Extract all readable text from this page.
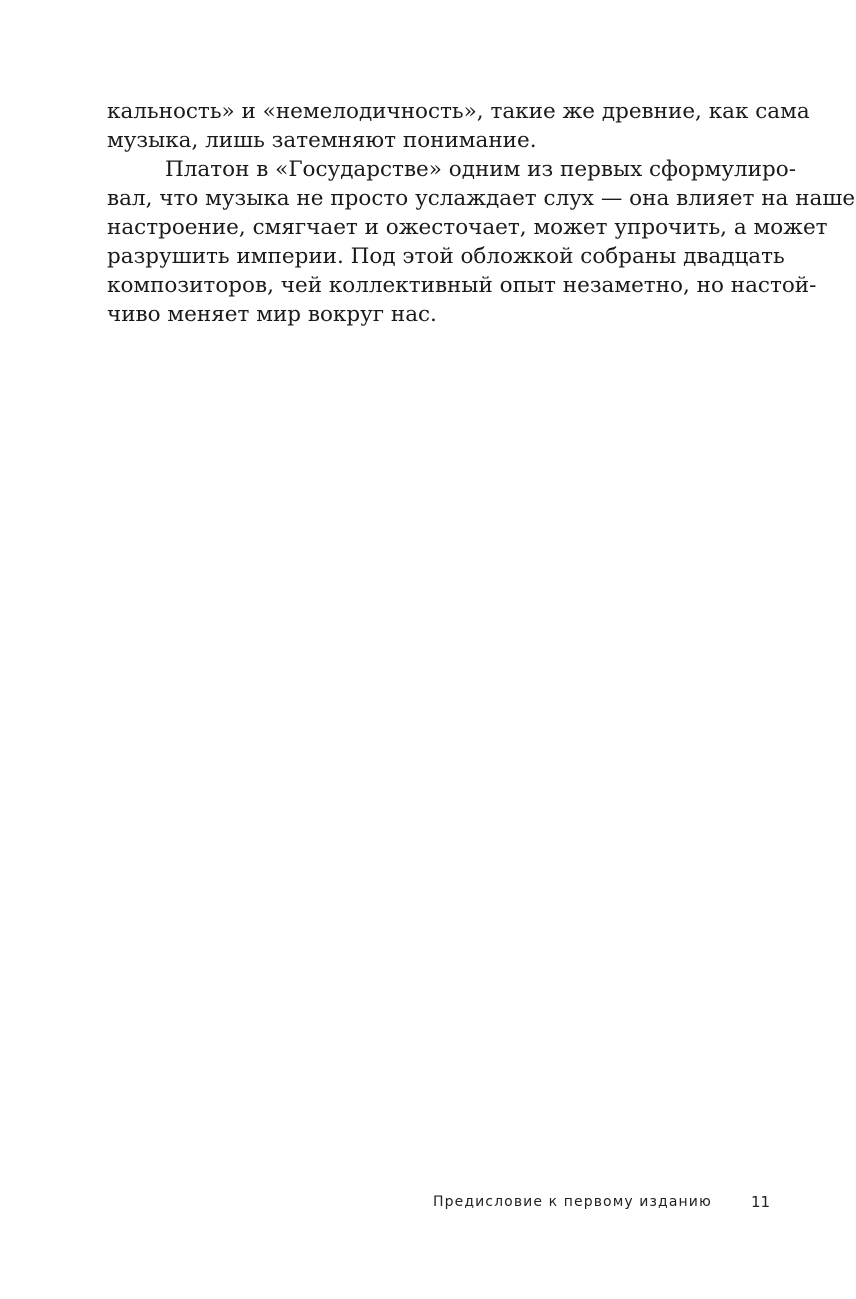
кальность» и «немелодичность», такие же древние, как сама
музыка, лишь затемняют понимание.
Платон в «Государстве» одним из первых сформулиро-
вал, что музыка не просто услаждает слух — она влияет на наше
настроение, смягчает и ожесточает, может упрочить, а может
разрушить империи. Под этой обложкой собраны двадцать
композиторов, чей коллективный опыт незаметно, но настой-
чиво меняет мир вокруг нас.
Предисловие к первому изданию	11
